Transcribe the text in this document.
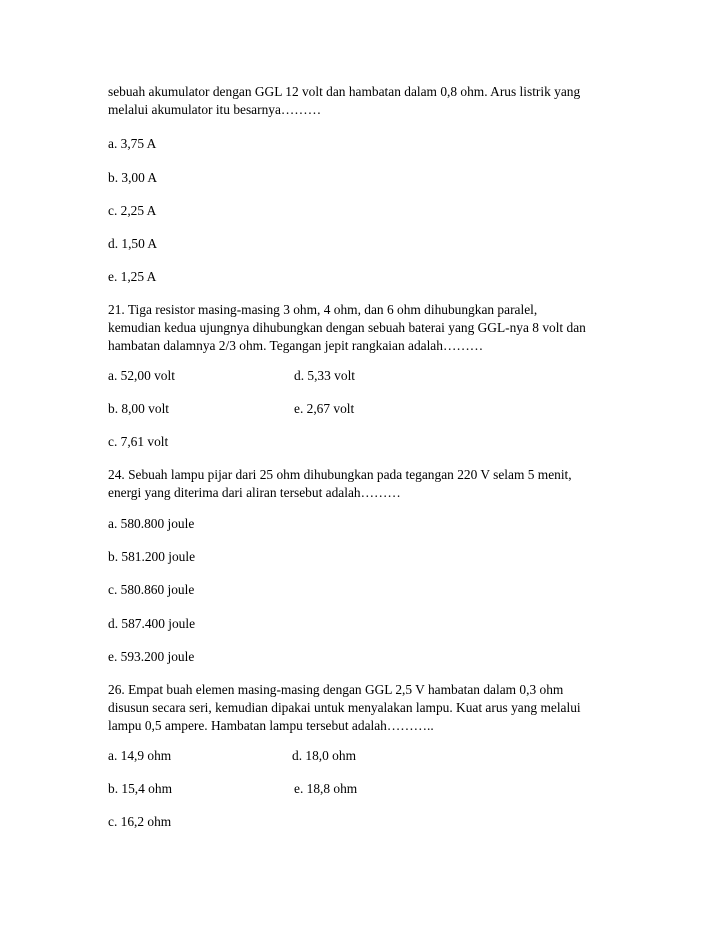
sebuah akumulator dengan GGL 12 volt dan hambatan dalam 0,8 ohm. Arus listrik yang

melalui akumulator itu besarnya………

a. 3,75 A

b. 3,00 A

c. 2,25 A

d. 1,50 A

e. 1,25 A

21. Tiga resistor masing-masing 3 ohm, 4 ohm, dan 6 ohm dihubungkan paralel,

kemudian kedua ujungnya dihubungkan dengan sebuah baterai yang GGL-nya 8 volt dan

hambatan dalamnya 2/3 ohm. Tegangan jepit rangkaian adalah………

a. 52,00 volt	d. 5,33 volt
b. 8,00 volt	e. 2,67 volt

c. 7,61 volt

24. Sebuah lampu pijar dari 25 ohm dihubungkan pada tegangan 220 V selam 5 menit,

energi yang diterima dari aliran tersebut adalah………

a. 580.800 joule

b. 581.200 joule

c. 580.860 joule

d. 587.400 joule

e. 593.200 joule

26. Empat buah elemen masing-masing dengan GGL 2,5 V hambatan dalam 0,3 ohm

disusun secara seri, kemudian dipakai untuk menyalakan lampu. Kuat arus yang melalui

lampu 0,5 ampere. Hambatan lampu tersebut adalah………..

a. 14,9 ohm	d. 18,0 ohm
b. 15,4 ohm	e. 18,8 ohm

c. 16,2 ohm
